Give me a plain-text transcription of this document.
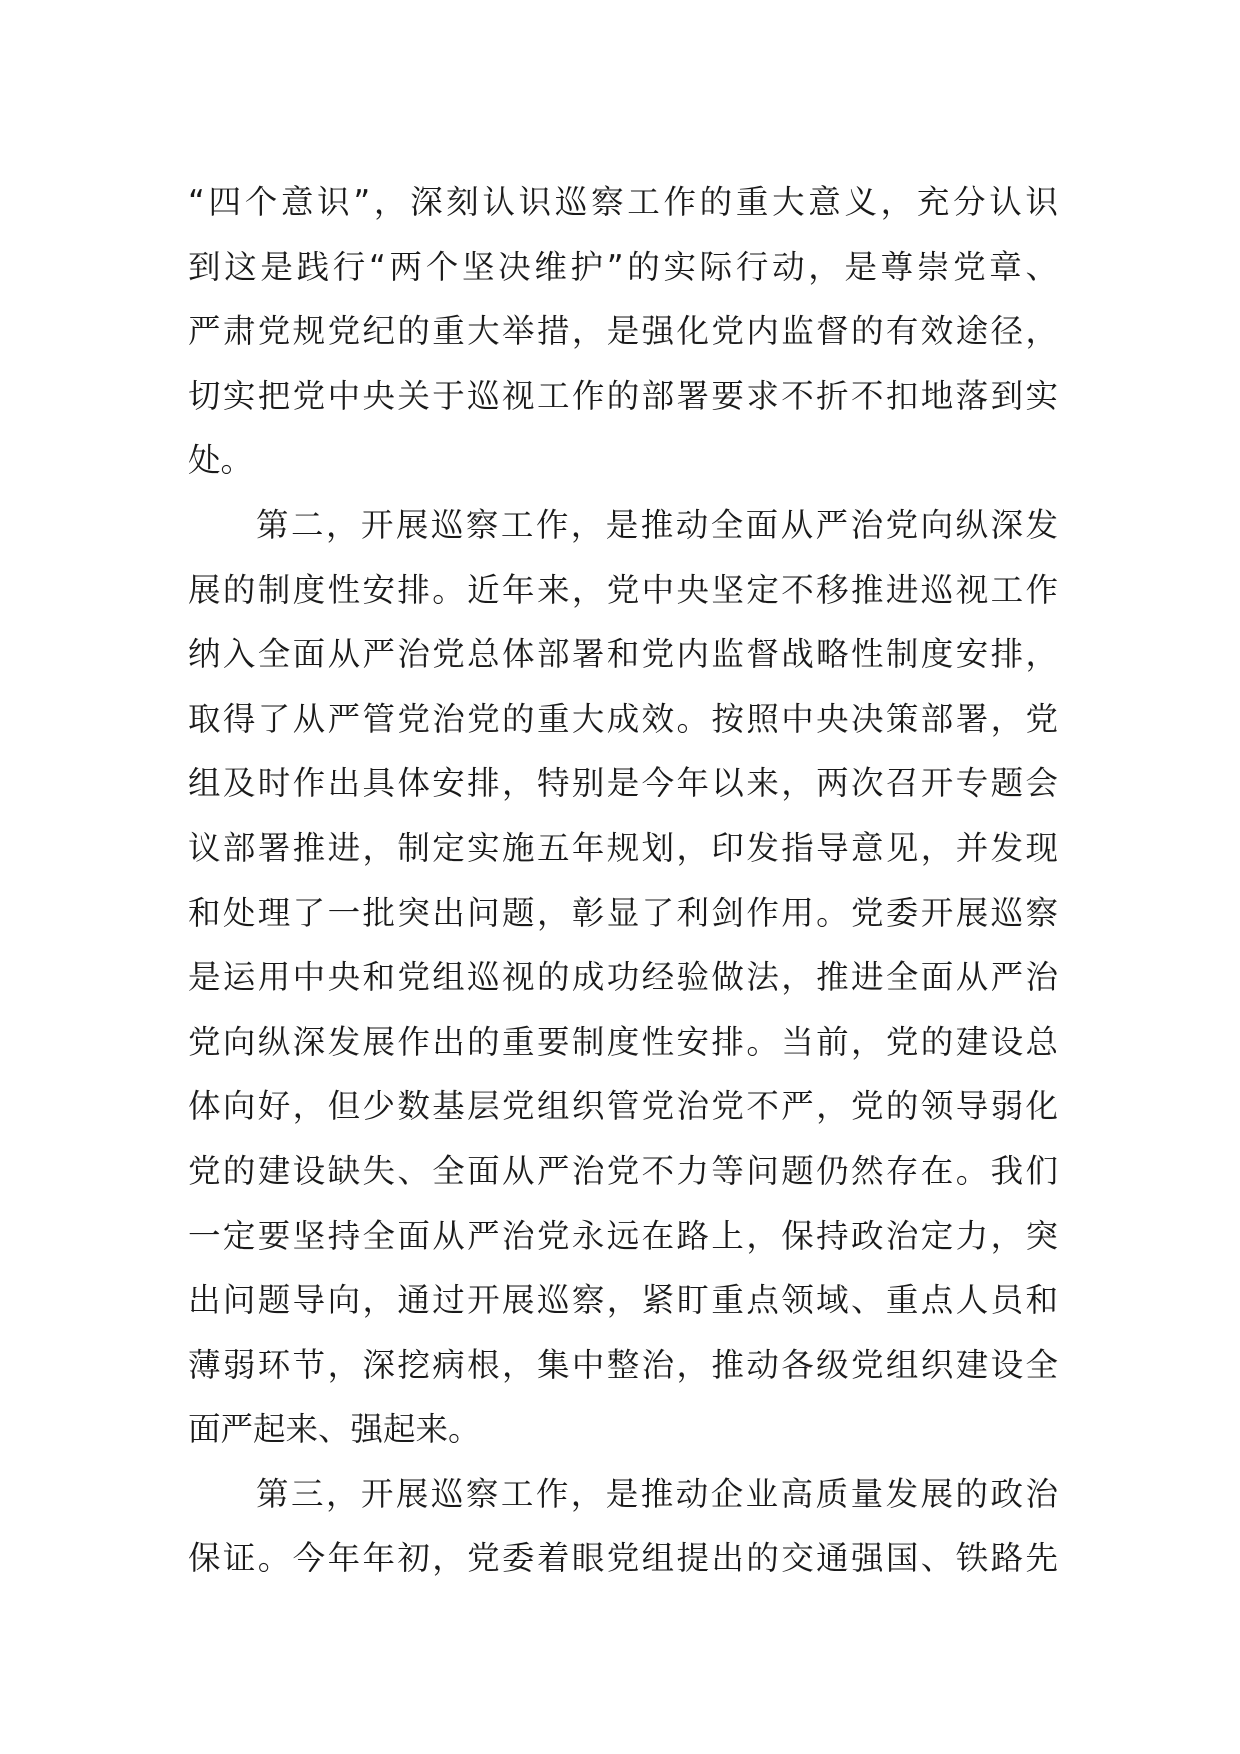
“四个意识”，深刻认识巡察工作的重大意义，充分认识
到这是践行“两个坚决维护”的实际行动，是尊崇党章、
严肃党规党纪的重大举措，是强化党内监督的有效途径，
切实把党中央关于巡视工作的部署要求不折不扣地落到实
处。
第二，开展巡察工作，是推动全面从严治党向纵深发
展的制度性安排。近年来，党中央坚定不移推进巡视工作
纳入全面从严治党总体部署和党内监督战略性制度安排，
取得了从严管党治党的重大成效。按照中央决策部署，党
组及时作出具体安排，特别是今年以来，两次召开专题会
议部署推进，制定实施五年规划，印发指导意见，并发现
和处理了一批突出问题，彰显了利剑作用。党委开展巡察
是运用中央和党组巡视的成功经验做法，推进全面从严治
党向纵深发展作出的重要制度性安排。当前，党的建设总
体向好，但少数基层党组织管党治党不严，党的领导弱化
党的建设缺失、全面从严治党不力等问题仍然存在。我们
一定要坚持全面从严治党永远在路上，保持政治定力，突
出问题导向，通过开展巡察，紧盯重点领域、重点人员和
薄弱环节，深挖病根，集中整治，推动各级党组织建设全
面严起来、强起来。
第三，开展巡察工作，是推动企业高质量发展的政治
保证。今年年初，党委着眼党组提出的交通强国、铁路先
